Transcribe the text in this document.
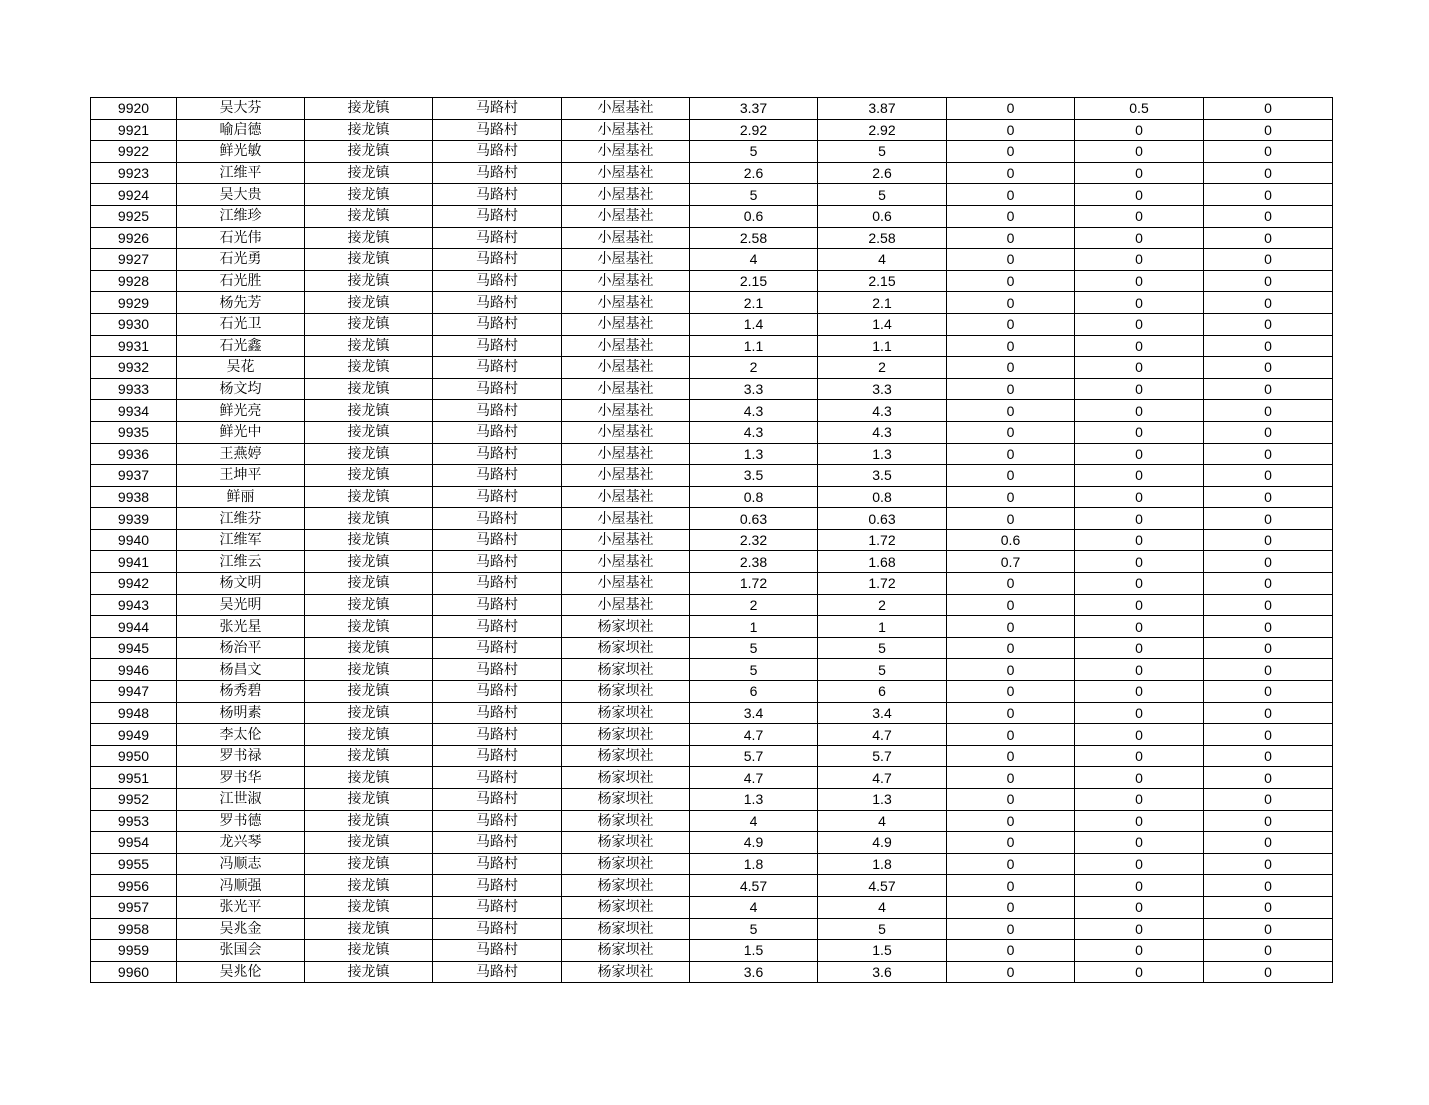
9920	吴大芬	接龙镇	马路村	小屋基社	3.37	3.87	0	0.5	0
9921	喻启德	接龙镇	马路村	小屋基社	2.92	2.92	0	0	0
9922	鲜光敏	接龙镇	马路村	小屋基社	5	5	0	0	0
9923	江维平	接龙镇	马路村	小屋基社	2.6	2.6	0	0	0
9924	吴大贵	接龙镇	马路村	小屋基社	5	5	0	0	0
9925	江维珍	接龙镇	马路村	小屋基社	0.6	0.6	0	0	0
9926	石光伟	接龙镇	马路村	小屋基社	2.58	2.58	0	0	0
9927	石光勇	接龙镇	马路村	小屋基社	4	4	0	0	0
9928	石光胜	接龙镇	马路村	小屋基社	2.15	2.15	0	0	0
9929	杨先芳	接龙镇	马路村	小屋基社	2.1	2.1	0	0	0
9930	石光卫	接龙镇	马路村	小屋基社	1.4	1.4	0	0	0
9931	石光鑫	接龙镇	马路村	小屋基社	1.1	1.1	0	0	0
9932	吴花	接龙镇	马路村	小屋基社	2	2	0	0	0
9933	杨文均	接龙镇	马路村	小屋基社	3.3	3.3	0	0	0
9934	鲜光亮	接龙镇	马路村	小屋基社	4.3	4.3	0	0	0
9935	鲜光中	接龙镇	马路村	小屋基社	4.3	4.3	0	0	0
9936	王燕婷	接龙镇	马路村	小屋基社	1.3	1.3	0	0	0
9937	王坤平	接龙镇	马路村	小屋基社	3.5	3.5	0	0	0
9938	鲜丽	接龙镇	马路村	小屋基社	0.8	0.8	0	0	0
9939	江维芬	接龙镇	马路村	小屋基社	0.63	0.63	0	0	0
9940	江维军	接龙镇	马路村	小屋基社	2.32	1.72	0.6	0	0
9941	江维云	接龙镇	马路村	小屋基社	2.38	1.68	0.7	0	0
9942	杨文明	接龙镇	马路村	小屋基社	1.72	1.72	0	0	0
9943	吴光明	接龙镇	马路村	小屋基社	2	2	0	0	0
9944	张光星	接龙镇	马路村	杨家坝社	1	1	0	0	0
9945	杨治平	接龙镇	马路村	杨家坝社	5	5	0	0	0
9946	杨昌文	接龙镇	马路村	杨家坝社	5	5	0	0	0
9947	杨秀碧	接龙镇	马路村	杨家坝社	6	6	0	0	0
9948	杨明素	接龙镇	马路村	杨家坝社	3.4	3.4	0	0	0
9949	李太伦	接龙镇	马路村	杨家坝社	4.7	4.7	0	0	0
9950	罗书禄	接龙镇	马路村	杨家坝社	5.7	5.7	0	0	0
9951	罗书华	接龙镇	马路村	杨家坝社	4.7	4.7	0	0	0
9952	江世淑	接龙镇	马路村	杨家坝社	1.3	1.3	0	0	0
9953	罗书德	接龙镇	马路村	杨家坝社	4	4	0	0	0
9954	龙兴琴	接龙镇	马路村	杨家坝社	4.9	4.9	0	0	0
9955	冯顺志	接龙镇	马路村	杨家坝社	1.8	1.8	0	0	0
9956	冯顺强	接龙镇	马路村	杨家坝社	4.57	4.57	0	0	0
9957	张光平	接龙镇	马路村	杨家坝社	4	4	0	0	0
9958	吴兆金	接龙镇	马路村	杨家坝社	5	5	0	0	0
9959	张国会	接龙镇	马路村	杨家坝社	1.5	1.5	0	0	0
9960	吴兆伦	接龙镇	马路村	杨家坝社	3.6	3.6	0	0	0
